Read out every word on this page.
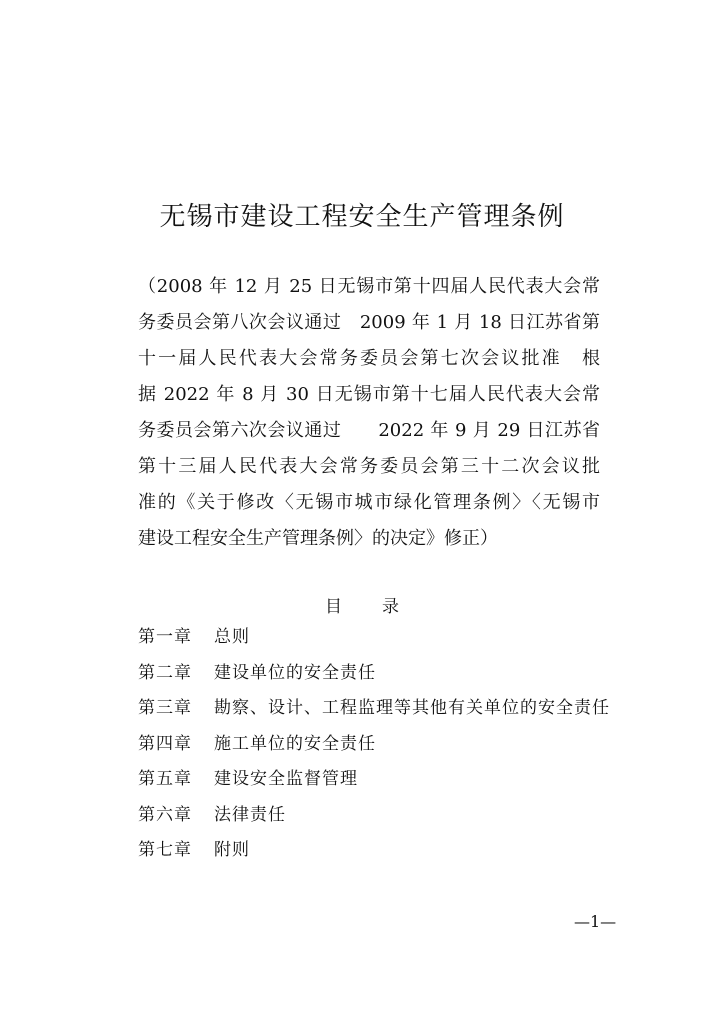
无锡市建设工程安全生产管理条例
（2008 年 12 月 25 日无锡市第十四届人民代表大会常
务委员会第八次会议通过　2009 年 1 月 18 日江苏省第
十一届人民代表大会常务委员会第七次会议批准　根
据 2022 年 8 月 30 日无锡市第十七届人民代表大会常
务委员会第六次会议通过　　2022 年 9 月 29 日江苏省
第十三届人民代表大会常务委员会第三十二次会议批
准的《关于修改〈无锡市城市绿化管理条例〉〈无锡市
建设工程安全生产管理条例〉的决定》修正）
目 录
第一章 总则
第二章 建设单位的安全责任
第三章 勘察、设计、工程监理等其他有关单位的安全责任
第四章 施工单位的安全责任
第五章 建设安全监督管理
第六章 法律责任
第七章 附则
—1—
